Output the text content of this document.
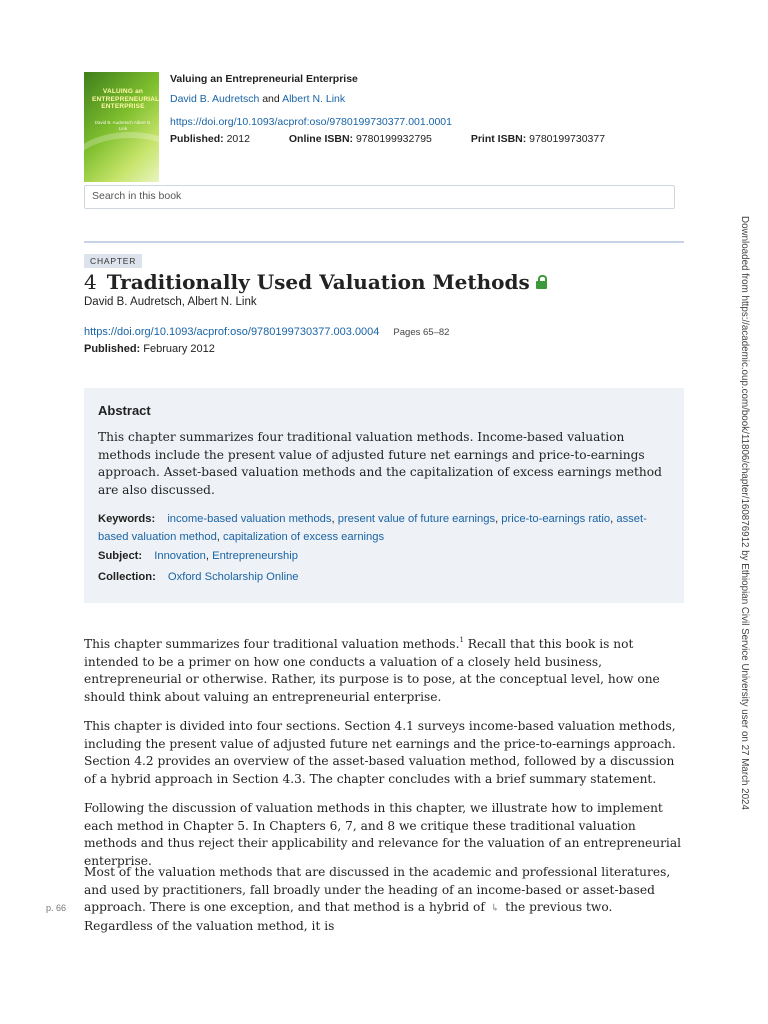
VALUING an ENTREPRENEURIAL ENTERPRISE
David B. Audretsch Albert N. Link
Valuing an Entrepreneurial Enterprise
David B. Audretsch and Albert N. Link
https://doi.org/10.1093/acprof:oso/9780199730377.001.0001
Published: 2012	Online ISBN: 9780199932795	Print ISBN: 9780199730377
Search in this book
CHAPTER
4 Traditionally Used Valuation Methods
David B. Audretsch, Albert N. Link
https://doi.org/10.1093/acprof:oso/9780199730377.003.0004 Pages 65–82
Published: February 2012
Abstract
This chapter summarizes four traditional valuation methods. Income-based valuation methods include the present value of adjusted future net earnings and price-to-earnings approach. Asset-based valuation methods and the capitalization of excess earnings method are also discussed.
Keywords: income-based valuation methods, present value of future earnings, price-to-earnings ratio, asset-based valuation method, capitalization of excess earnings
Subject: Innovation, Entrepreneurship
Collection: Oxford Scholarship Online
This chapter summarizes four traditional valuation methods.$^1$ Recall that this book is not intended to be a primer on how one conducts a valuation of a closely held business, entrepreneurial or otherwise. Rather, its purpose is to pose, at the conceptual level, how one should think about valuing an entrepreneurial enterprise.
This chapter is divided into four sections. Section 4.1 surveys income-based valuation methods, including the present value of adjusted future net earnings and the price-to-earnings approach. Section 4.2 provides an overview of the asset-based valuation method, followed by a discussion of a hybrid approach in Section 4.3. The chapter concludes with a brief summary statement.
Following the discussion of valuation methods in this chapter, we illustrate how to implement each method in Chapter 5. In Chapters 6, 7, and 8 we critique these traditional valuation methods and thus reject their applicability and relevance for the valuation of an entrepreneurial enterprise.
Most of the valuation methods that are discussed in the academic and professional literatures, and used by practitioners, fall broadly under the heading of an income-based or asset-based approach. There is one exception, and that method is a hybrid of ↳ the previous two. Regardless of the valuation method, it is
p. 66
Downloaded from https://academic.oup.com/book/11806/chapter/160876912 by Ethiopian Civil Service University user on 27 March 2024
